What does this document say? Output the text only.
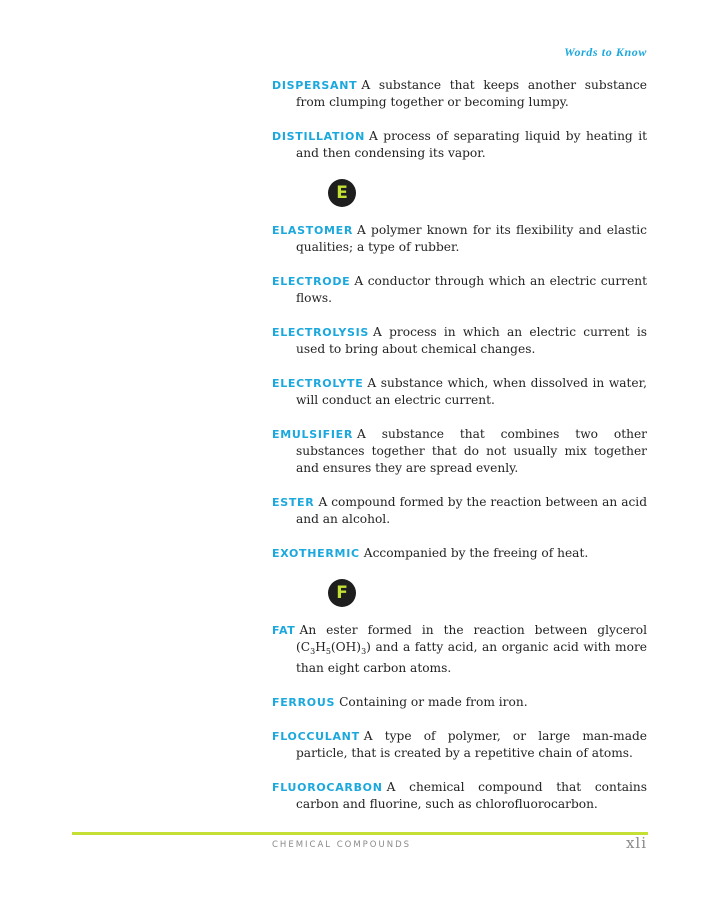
Words to Know

DISPERSANT A substance that keeps another substance from clumping together or becoming lumpy.

DISTILLATION A process of separating liquid by heating it and then condensing its vapor.

E

ELASTOMER A polymer known for its flexibility and elastic qualities; a type of rubber.

ELECTRODE A conductor through which an electric current flows.

ELECTROLYSIS A process in which an electric current is used to bring about chemical changes.

ELECTROLYTE A substance which, when dissolved in water, will conduct an electric current.

EMULSIFIER A substance that combines two other substances together that do not usually mix together and ensures they are spread evenly.

ESTER A compound formed by the reaction between an acid and an alcohol.

EXOTHERMIC Accompanied by the freeing of heat.

F

FAT An ester formed in the reaction between glycerol $(C_3H_5(OH)_3)$ and a fatty acid, an organic acid with more than eight carbon atoms.

FERROUS Containing or made from iron.

FLOCCULANT A type of polymer, or large man-made particle, that is created by a repetitive chain of atoms.

FLUOROCARBON A chemical compound that contains carbon and fluorine, such as chlorofluorocarbon.

CHEMICAL COMPOUNDS	xli
